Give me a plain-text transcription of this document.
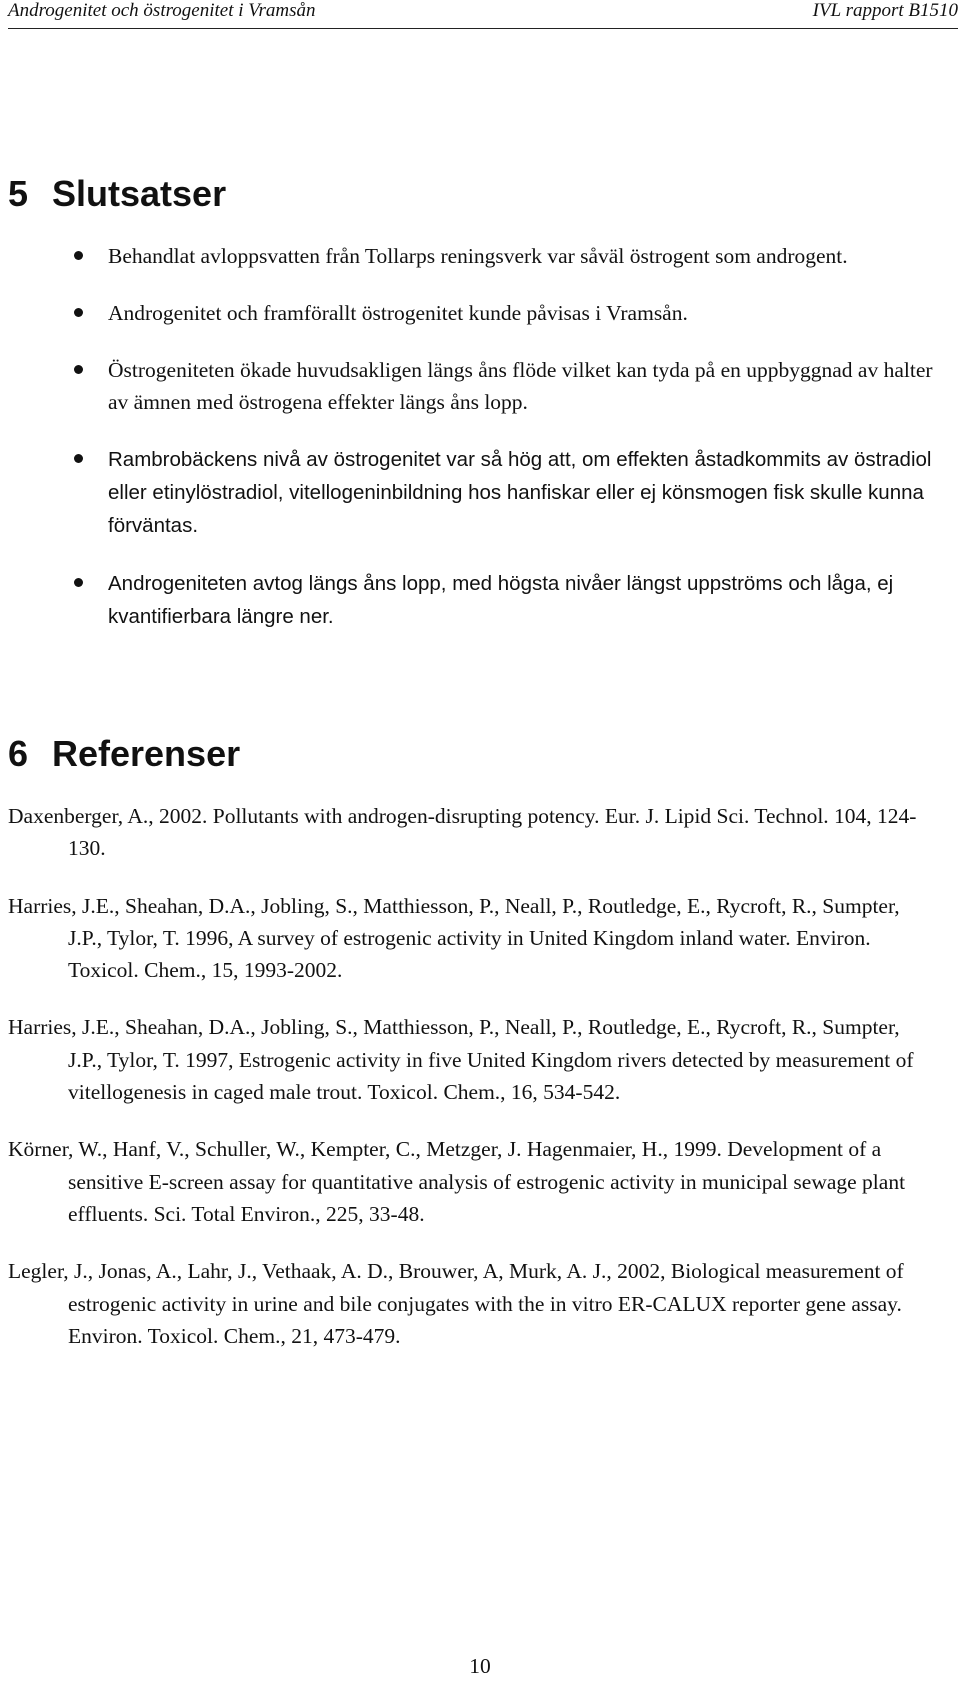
Androgenitet och östrogenitet i Vramsån	IVL rapport B1510
5 Slutsatser
Behandlat avloppsvatten från Tollarps reningsverk var såväl östrogent som androgent.
Androgenitet och framförallt östrogenitet kunde påvisas i Vramsån.
Östrogeniteten ökade huvudsakligen längs åns flöde vilket kan tyda på en uppbyggnad av halter av ämnen med östrogena effekter längs åns lopp.
Rambrobäckens nivå av östrogenitet var så hög att, om effekten åstadkommits av östradiol eller etinylöstradiol, vitellogeninbildning hos hanfiskar eller ej könsmogen fisk skulle kunna förväntas.
Androgeniteten avtog längs åns lopp, med högsta nivåer längst uppströms och låga, ej kvantifierbara längre ner.
6 Referenser
Daxenberger, A., 2002. Pollutants with androgen-disrupting potency. Eur. J. Lipid Sci. Technol. 104, 124-130.
Harries, J.E., Sheahan, D.A., Jobling, S., Matthiesson, P., Neall, P., Routledge, E., Rycroft, R., Sumpter, J.P., Tylor, T. 1996, A survey of estrogenic activity in United Kingdom inland water. Environ. Toxicol. Chem., 15, 1993-2002.
Harries, J.E., Sheahan, D.A., Jobling, S., Matthiesson, P., Neall, P., Routledge, E., Rycroft, R., Sumpter, J.P., Tylor, T. 1997, Estrogenic activity in five United Kingdom rivers detected by measurement of vitellogenesis in caged male trout. Toxicol. Chem., 16, 534-542.
Körner, W., Hanf, V., Schuller, W., Kempter, C., Metzger, J. Hagenmaier, H., 1999. Development of a sensitive E-screen assay for quantitative analysis of estrogenic activity in municipal sewage plant effluents. Sci. Total Environ., 225, 33-48.
Legler, J., Jonas, A., Lahr, J., Vethaak, A. D., Brouwer, A, Murk, A. J., 2002, Biological measurement of estrogenic activity in urine and bile conjugates with the in vitro ER-CALUX reporter gene assay. Environ. Toxicol. Chem., 21, 473-479.
10
